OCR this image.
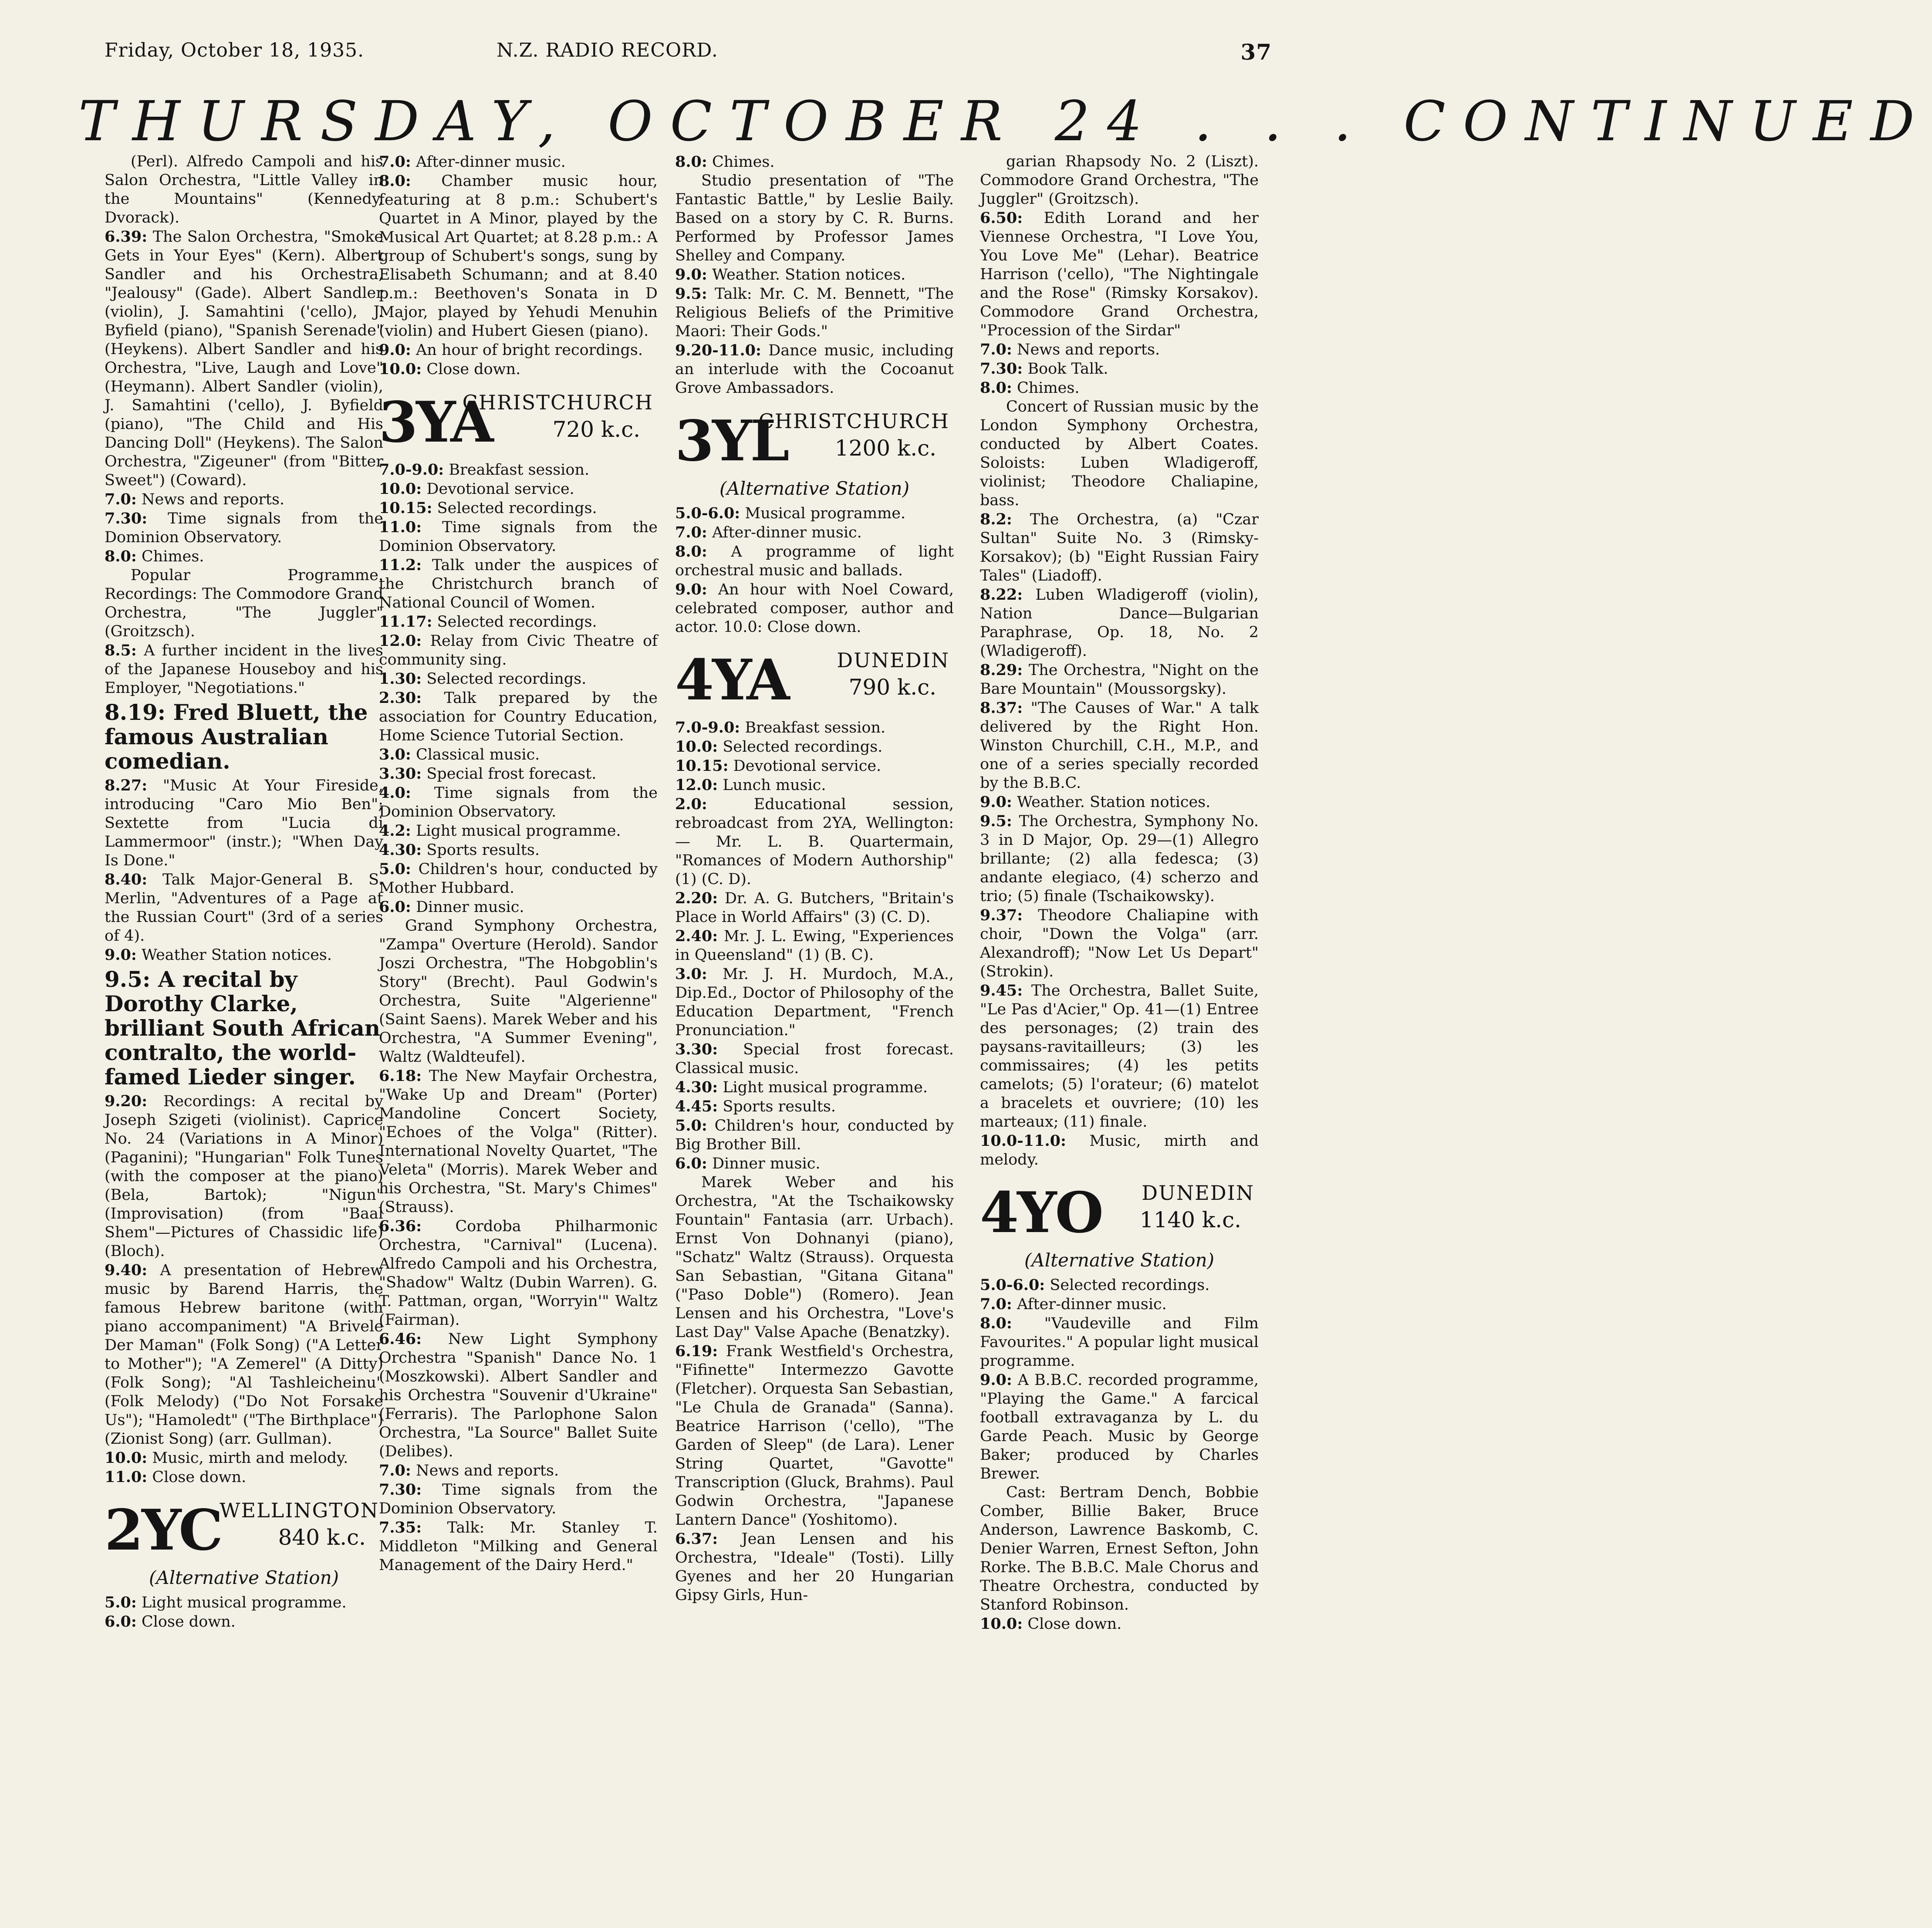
Friday, October 18, 1935.	N.Z. RADIO RECORD.	37
THURSDAY, OCTOBER 24 . . . CONTINUED

(Perl). Alfredo Campoli and his Salon Orchestra, "Little Valley in the Mountains" (Kennedy, Dvorack).

6.39: The Salon Orchestra, "Smoke Gets in Your Eyes" (Kern). Albert Sandler and his Orchestra, "Jealousy" (Gade). Albert Sandler (violin), J. Samahtini ('cello), J. Byfield (piano), "Spanish Serenade" (Heykens). Albert Sandler and his Orchestra, "Live, Laugh and Love" (Heymann). Albert Sandler (violin), J. Samahtini ('cello), J. Byfield (piano), "The Child and His Dancing Doll" (Heykens). The Salon Orchestra, "Zigeuner" (from "Bitter Sweet") (Coward).

7.0: News and reports.

7.30: Time signals from the Dominion Observatory.

8.0: Chimes.

Popular Programme. Recordings: The Commodore Grand Orchestra, "The Juggler" (Groitzsch).

8.5: A further incident in the lives of the Japanese Houseboy and his Employer, "Negotiations."

8.19: Fred Bluett, the famous Australian comedian.

8.27: "Music At Your Fireside, introducing "Caro Mio Ben"; Sextette from "Lucia di Lammermoor" (instr.); "When Day Is Done."

8.40: Talk Major-General B. S. Merlin, "Adventures of a Page at the Russian Court" (3rd of a series of 4).

9.0: Weather Station notices.

9.5: A recital by Dorothy Clarke, brilliant South African contralto, the world-famed Lieder singer.

9.20: Recordings: A recital by Joseph Szigeti (violinist). Caprice No. 24 (Variations in A Minor) (Paganini); "Hungarian" Folk Tunes (with the composer at the piano) (Bela, Bartok); "Nigun" (Improvisation) (from "Baal Shem"—Pictures of Chassidic life) (Bloch).

9.40: A presentation of Hebrew music by Barend Harris, the famous Hebrew baritone (with piano accompaniment) "A Brivele Der Maman" (Folk Song) ("A Letter to Mother"); "A Zemerel" (A Ditty) (Folk Song); "Al Tashleicheinu" (Folk Melody) ("Do Not Forsake Us"); "Hamoledt" ("The Birthplace") (Zionist Song) (arr. Gullman).

10.0: Music, mirth and melody.

11.0: Close down.

2YC
WELLINGTON
840 k.c.
(Alternative Station)

5.0: Light musical programme.

6.0: Close down.

7.0: After-dinner music.

8.0: Chamber music hour, featuring at 8 p.m.: Schubert's Quartet in A Minor, played by the Musical Art Quartet; at 8.28 p.m.: A group of Schubert's songs, sung by Elisabeth Schumann; and at 8.40 p.m.: Beethoven's Sonata in D Major, played by Yehudi Menuhin (violin) and Hubert Giesen (piano).

9.0: An hour of bright recordings.

10.0: Close down.

3YA
CHRISTCHURCH
720 k.c.

7.0-9.0: Breakfast session.

10.0: Devotional service.

10.15: Selected recordings.

11.0: Time signals from the Dominion Observatory.

11.2: Talk under the auspices of the Christchurch branch of National Council of Women.

11.17: Selected recordings.

12.0: Relay from Civic Theatre of community sing.

1.30: Selected recordings.

2.30: Talk prepared by the association for Country Education, Home Science Tutorial Section.

3.0: Classical music.

3.30: Special frost forecast.

4.0: Time signals from the Dominion Observatory.

4.2: Light musical programme.

4.30: Sports results.

5.0: Children's hour, conducted by Mother Hubbard.

6.0: Dinner music.

Grand Symphony Orchestra, "Zampa" Overture (Herold). Sandor Joszi Orchestra, "The Hobgoblin's Story" (Brecht). Paul Godwin's Orchestra, Suite "Algerienne" (Saint Saens). Marek Weber and his Orchestra, "A Summer Evening", Waltz (Waldteufel).

6.18: The New Mayfair Orchestra, "Wake Up and Dream" (Porter) Mandoline Concert Society, "Echoes of the Volga" (Ritter). International Novelty Quartet, "The Veleta" (Morris). Marek Weber and his Orchestra, "St. Mary's Chimes" (Strauss).

6.36: Cordoba Philharmonic Orchestra, "Carnival" (Lucena). Alfredo Campoli and his Orchestra, "Shadow" Waltz (Dubin Warren). G. T. Pattman, organ, "Worryin'" Waltz (Fairman).

6.46: New Light Symphony Orchestra "Spanish" Dance No. 1 (Moszkowski). Albert Sandler and his Orchestra "Souvenir d'Ukraine" (Ferraris). The Parlophone Salon Orchestra, "La Source" Ballet Suite (Delibes).

7.0: News and reports.

7.30: Time signals from the Dominion Observatory.

7.35: Talk: Mr. Stanley T. Middleton "Milking and General Management of the Dairy Herd."

8.0: Chimes.

Studio presentation of "The Fantastic Battle," by Leslie Baily. Based on a story by C. R. Burns. Performed by Professor James Shelley and Company.

9.0: Weather. Station notices.

9.5: Talk: Mr. C. M. Bennett, "The Religious Beliefs of the Primitive Maori: Their Gods."

9.20-11.0: Dance music, including an interlude with the Cocoanut Grove Ambassadors.

3YL
CHRISTCHURCH
1200 k.c.
(Alternative Station)

5.0-6.0: Musical programme.

7.0: After-dinner music.

8.0: A programme of light orchestral music and ballads.

9.0: An hour with Noel Coward, celebrated composer, author and actor. 10.0: Close down.

4YA DUNEDIN
790 k.c.

7.0-9.0: Breakfast session.

10.0: Selected recordings.

10.15: Devotional service.

12.0: Lunch music.

2.0:	Educational session, rebroadcast from 2YA, Wellington:— Mr. L. B. Quartermain, "Romances of Modern Authorship" (1) (C. D).

2.20: Dr. A. G. Butchers, "Britain's Place in World Affairs" (3) (C. D).

2.40: Mr. J. L. Ewing, "Experiences in Queensland" (1) (B. C).

3.0: Mr. J. H. Murdoch, M.A., Dip.Ed., Doctor of Philosophy of the Education Department, "French Pronunciation."

3.30: Special frost forecast. Classical music.

4.30: Light musical programme.

4.45: Sports results.

5.0: Children's hour, conducted by Big Brother Bill.

6.0: Dinner music.

Marek Weber and his Orchestra, "At the Tschaikowsky Fountain" Fantasia (arr. Urbach). Ernst Von Dohnanyi (piano), "Schatz" Waltz (Strauss). Orquesta San Sebastian, "Gitana Gitana" ("Paso Doble") (Romero). Jean Lensen and his Orchestra, "Love's Last Day" Valse Apache (Benatzky).

6.19: Frank Westfield's Orchestra, "Fifinette" Intermezzo Gavotte (Fletcher). Orquesta San Sebastian, "Le Chula de Granada" (Sanna). Beatrice Harrison ('cello), "The Garden of Sleep" (de Lara). Lener String Quartet, "Gavotte" Transcription (Gluck, Brahms). Paul Godwin Orchestra, "Japanese Lantern Dance" (Yoshitomo).

6.37: Jean Lensen and his Orchestra, "Ideale" (Tosti). Lilly Gyenes and her 20 Hungarian Gipsy Girls, Hun-

garian Rhapsody No. 2 (Liszt). Commodore Grand Orchestra, "The Juggler" (Groitzsch).

6.50: Edith Lorand and her Viennese Orchestra, "I Love You, You Love Me" (Lehar). Beatrice Harrison ('cello), "The Nightingale and the Rose" (Rimsky Korsakov). Commodore Grand Orchestra, "Procession of the Sirdar"

7.0: News and reports.

7.30: Book Talk.

8.0: Chimes.

Concert of Russian music by the London Symphony Orchestra, conducted by Albert Coates. Soloists: Luben Wladigeroff, violinist; Theodore Chaliapine, bass.

8.2: The Orchestra, (a) "Czar Sultan" Suite No. 3 (Rimsky-Korsakov); (b) "Eight Russian Fairy Tales" (Liadoff).

8.22: Luben Wladigeroff (violin), Nation Dance—Bulgarian Paraphrase, Op. 18, No. 2 (Wladigeroff).

8.29: The Orchestra, "Night on the Bare Mountain" (Moussorgsky).

8.37: "The Causes of War." A talk delivered by the Right Hon. Winston Churchill, C.H., M.P., and one of a series specially recorded by the B.B.C.

9.0: Weather. Station notices.

9.5: The Orchestra, Symphony No. 3 in D Major, Op. 29—(1) Allegro brillante; (2) alla fedesca; (3) andante elegiaco, (4) scherzo and trio; (5) finale (Tschaikowsky).

9.37: Theodore Chaliapine with choir, "Down the Volga" (arr. Alexandroff); "Now Let Us Depart" (Strokin).

9.45: The Orchestra, Ballet Suite, "Le Pas d'Acier," Op. 41—(1) Entree des personages; (2) train des paysans-ravitailleurs; (3) les commissaires; (4) les petits camelots; (5) l'orateur; (6) matelot a bracelets et ouvriere; (10) les marteaux; (11) finale.

10.0-11.0: Music, mirth and melody.

4YO DUNEDIN
1140 k.c.
(Alternative Station)

5.0-6.0: Selected recordings.

7.0: After-dinner music.

8.0: "Vaudeville and Film Favourites." A popular light musical programme.

9.0: A B.B.C. recorded programme, "Playing the Game." A farcical football extravaganza by L. du Garde Peach. Music by George Baker; produced by Charles Brewer.

Cast: Bertram Dench, Bobbie Comber, Billie Baker, Bruce Anderson, Lawrence Baskomb, C. Denier Warren, Ernest Sefton, John Rorke. The B.B.C. Male Chorus and Theatre Orchestra, conducted by Stanford Robinson.

10.0: Close down.
